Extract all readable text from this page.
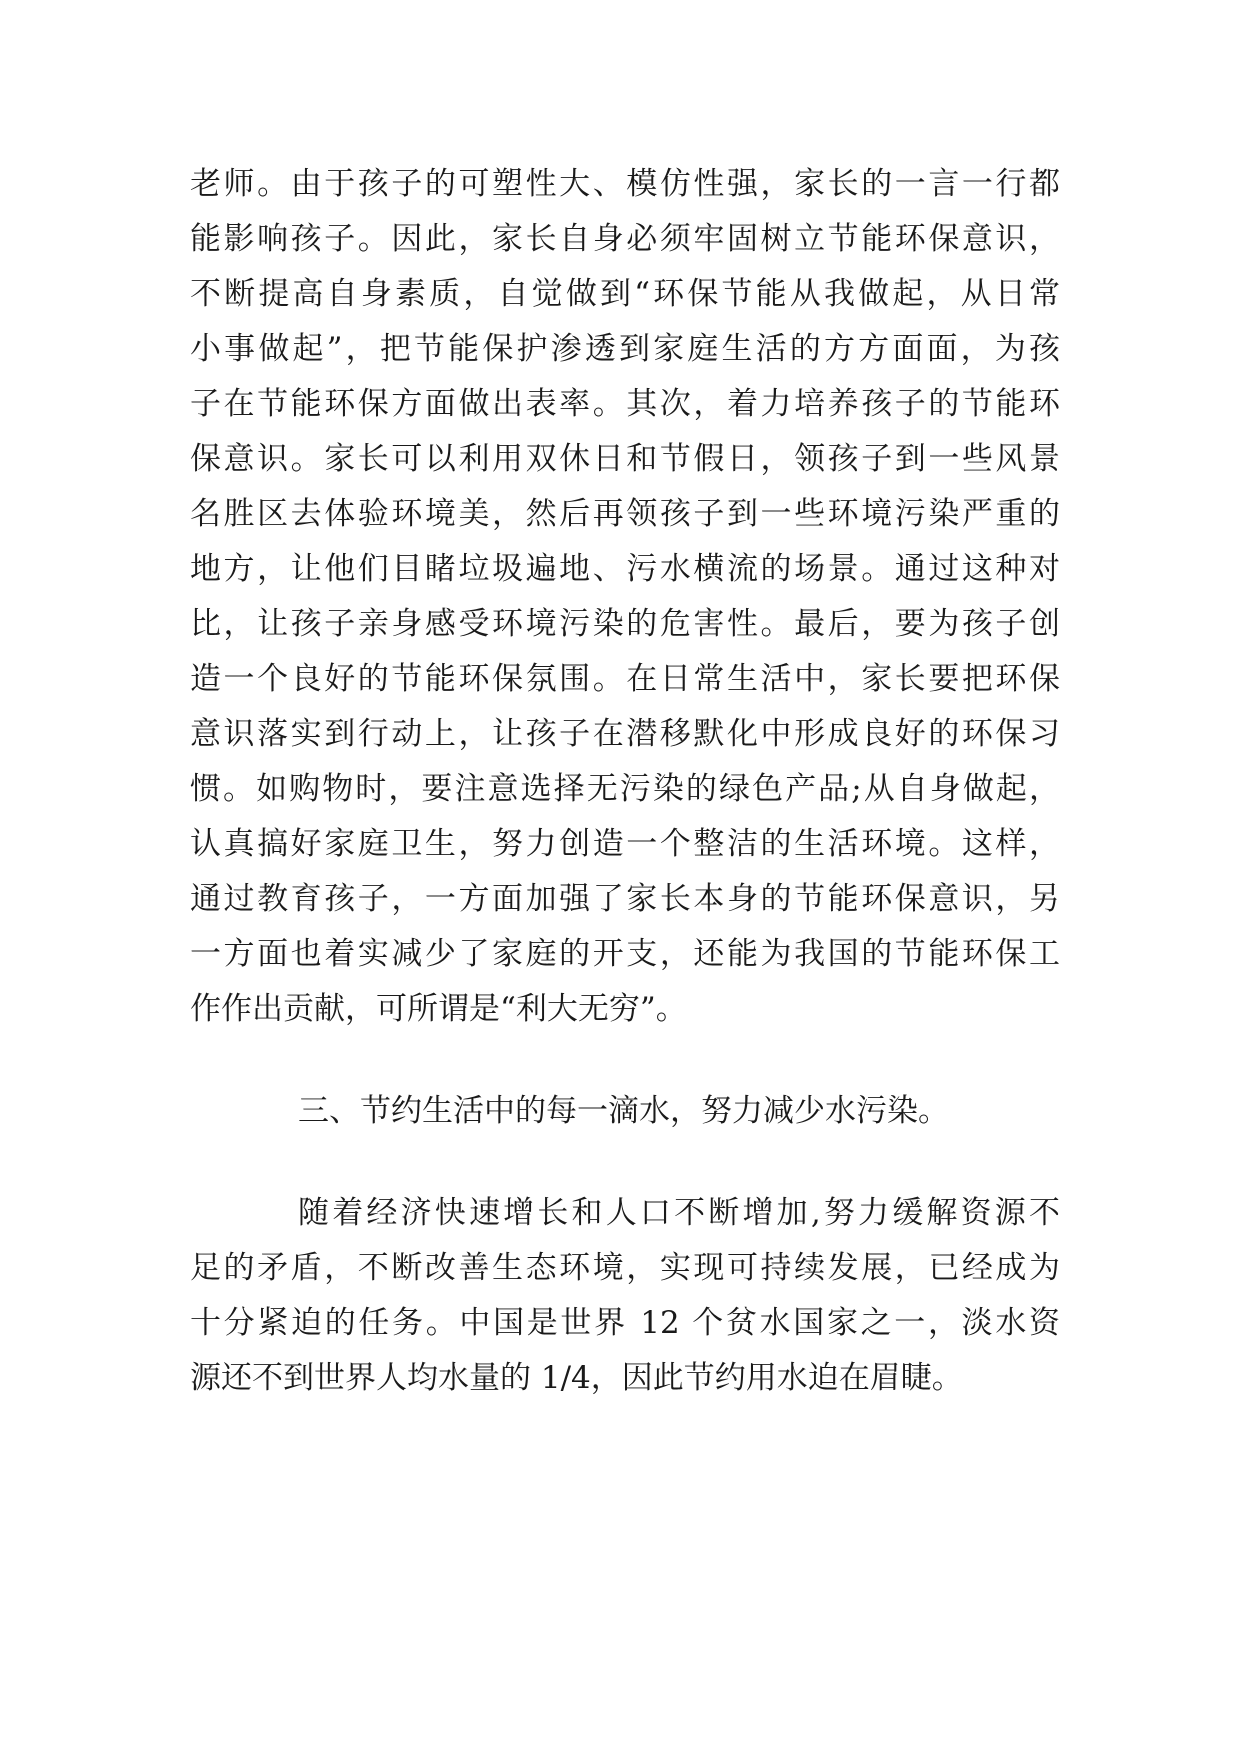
老师。由于孩子的可塑性大、模仿性强，家长的一言一行都
能影响孩子。因此，家长自身必须牢固树立节能环保意识，
不断提高自身素质，自觉做到“环保节能从我做起，从日常
小事做起”，把节能保护渗透到家庭生活的方方面面，为孩
子在节能环保方面做出表率。其次，着力培养孩子的节能环
保意识。家长可以利用双休日和节假日，领孩子到一些风景
名胜区去体验环境美，然后再领孩子到一些环境污染严重的
地方，让他们目睹垃圾遍地、污水横流的场景。通过这种对
比，让孩子亲身感受环境污染的危害性。最后，要为孩子创
造一个良好的节能环保氛围。在日常生活中，家长要把环保
意识落实到行动上，让孩子在潜移默化中形成良好的环保习
惯。如购物时，要注意选择无污染的绿色产品;从自身做起，
认真搞好家庭卫生，努力创造一个整洁的生活环境。这样，
通过教育孩子，一方面加强了家长本身的节能环保意识，另
一方面也着实减少了家庭的开支，还能为我国的节能环保工
作作出贡献，可所谓是“利大无穷”。
三、节约生活中的每一滴水，努力减少水污染。
随着经济快速增长和人口不断增加,努力缓解资源不
足的矛盾，不断改善生态环境，实现可持续发展，已经成为
十分紧迫的任务。中国是世界 12 个贫水国家之一，淡水资
源还不到世界人均水量的 1/4，因此节约用水迫在眉睫。
